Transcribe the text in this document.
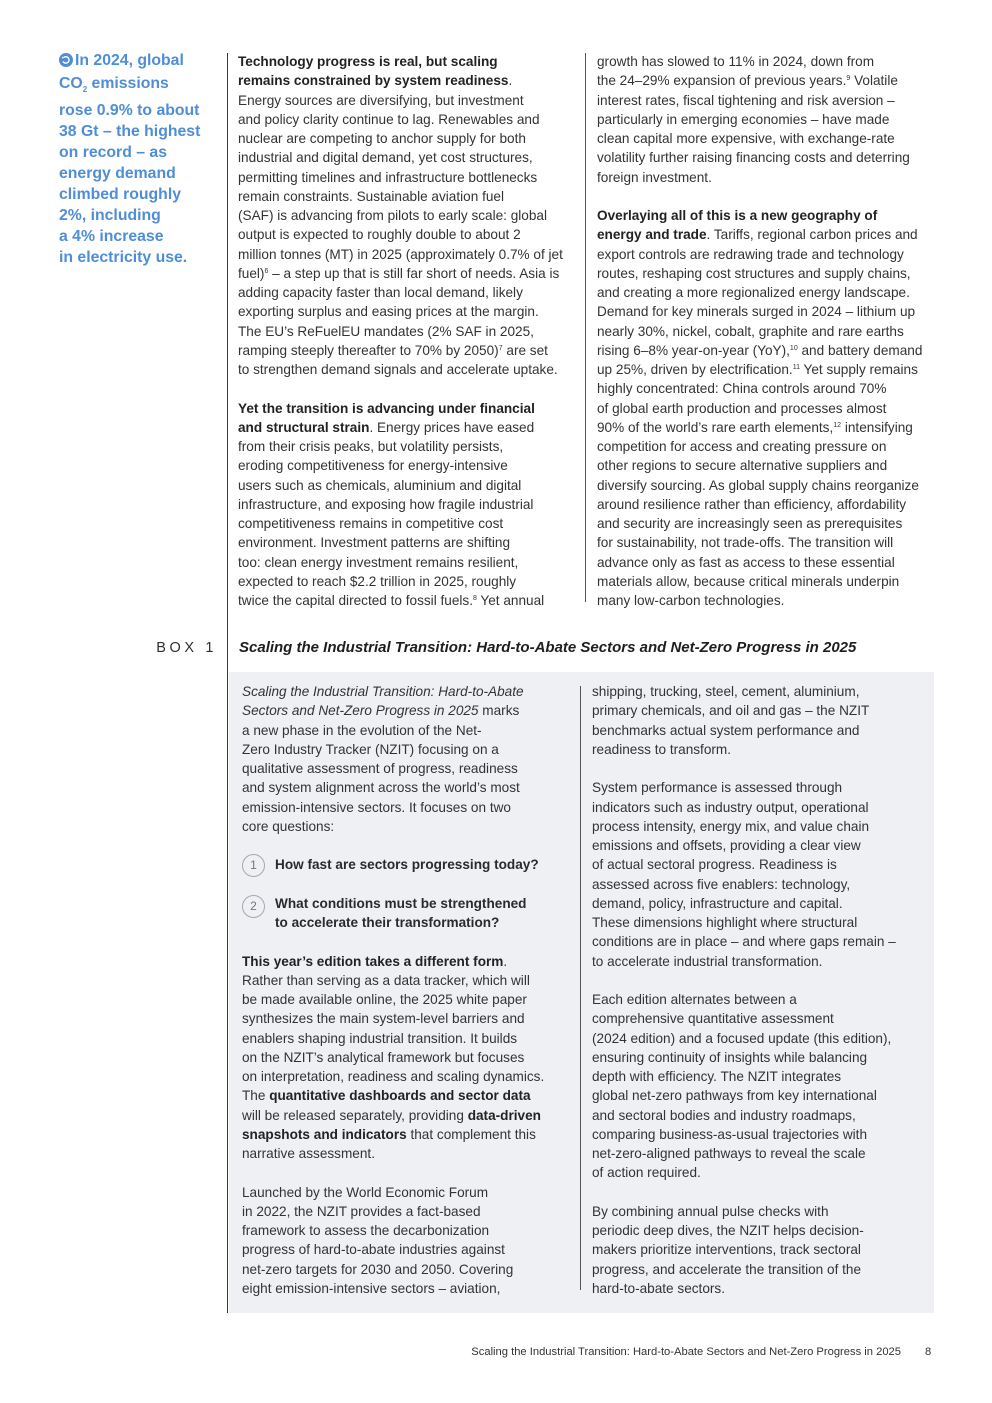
In 2024, global
$CO_2$ emissions
rose 0.9% to about
38 Gt – the highest
on record – as
energy demand
climbed roughly
2%, including
a 4% increase
in electricity use.

Technology progress is real, but scaling
remains constrained by system readiness.
Energy sources are diversifying, but investment
and policy clarity continue to lag. Renewables and
nuclear are competing to anchor supply for both
industrial and digital demand, yet cost structures,
permitting timelines and infrastructure bottlenecks
remain constraints. Sustainable aviation fuel
(SAF) is advancing from pilots to early scale: global
output is expected to roughly double to about 2
million tonnes (MT) in 2025 (approximately 0.7% of jet
fuel)$^6$ – a step up that is still far short of needs. Asia is
adding capacity faster than local demand, likely
exporting surplus and easing prices at the margin.
The EU’s ReFuelEU mandates (2% SAF in 2025,
ramping steeply thereafter to 70% by 2050)$^7$ are set
to strengthen demand signals and accelerate uptake.

Yet the transition is advancing under financial
and structural strain. Energy prices have eased
from their crisis peaks, but volatility persists,
eroding competitiveness for energy-intensive
users such as chemicals, aluminium and digital
infrastructure, and exposing how fragile industrial
competitiveness remains in competitive cost
environment. Investment patterns are shifting
too: clean energy investment remains resilient,
expected to reach $2.2 trillion in 2025, roughly
twice the capital directed to fossil fuels.$^8$ Yet annual

growth has slowed to 11% in 2024, down from
the 24–29% expansion of previous years.$^9$ Volatile
interest rates, fiscal tightening and risk aversion –
particularly in emerging economies – have made
clean capital more expensive, with exchange-rate
volatility further raising financing costs and deterring
foreign investment.

Overlaying all of this is a new geography of
energy and trade. Tariffs, regional carbon prices and
export controls are redrawing trade and technology
routes, reshaping cost structures and supply chains,
and creating a more regionalized energy landscape.
Demand for key minerals surged in 2024 – lithium up
nearly 30%, nickel, cobalt, graphite and rare earths
rising 6–8% year-on-year (YoY),$^{10}$ and battery demand
up 25%, driven by electrification.$^{11}$ Yet supply remains
highly concentrated: China controls around 70%
of global earth production and processes almost
90% of the world’s rare earth elements,$^{12}$ intensifying
competition for access and creating pressure on
other regions to secure alternative suppliers and
diversify sourcing. As global supply chains reorganize
around resilience rather than efficiency, affordability
and security are increasingly seen as prerequisites
for sustainability, not trade-offs. The transition will
advance only as fast as access to these essential
materials allow, because critical minerals underpin
many low-carbon technologies.

BOX 1 Scaling the Industrial Transition: Hard-to-Abate Sectors and Net-Zero Progress in 2025

Scaling the Industrial Transition: Hard-to-Abate
Sectors and Net-Zero Progress in 2025 marks
a new phase in the evolution of the Net-
Zero Industry Tracker (NZIT) focusing on a
qualitative assessment of progress, readiness
and system alignment across the world’s most
emission-intensive sectors. It focuses on two
core questions:

1	How fast are sectors progressing today?

2	What conditions must be strengthened
to accelerate their transformation?

This year’s edition takes a different form.
Rather than serving as a data tracker, which will
be made available online, the 2025 white paper
synthesizes the main system-level barriers and
enablers shaping industrial transition. It builds
on the NZIT’s analytical framework but focuses
on interpretation, readiness and scaling dynamics.
The quantitative dashboards and sector data
will be released separately, providing data-driven
snapshots and indicators that complement this
narrative assessment.

Launched by the World Economic Forum
in 2022, the NZIT provides a fact-based
framework to assess the decarbonization
progress of hard-to-abate industries against
net-zero targets for 2030 and 2050. Covering
eight emission-intensive sectors – aviation,

shipping, trucking, steel, cement, aluminium,
primary chemicals, and oil and gas – the NZIT
benchmarks actual system performance and
readiness to transform.

System performance is assessed through
indicators such as industry output, operational
process intensity, energy mix, and value chain
emissions and offsets, providing a clear view
of actual sectoral progress. Readiness is
assessed across five enablers: technology,
demand, policy, infrastructure and capital.
These dimensions highlight where structural
conditions are in place – and where gaps remain –
to accelerate industrial transformation.

Each edition alternates between a
comprehensive quantitative assessment
(2024 edition) and a focused update (this edition),
ensuring continuity of insights while balancing
depth with efficiency. The NZIT integrates
global net-zero pathways from key international
and sectoral bodies and industry roadmaps,
comparing business-as-usual trajectories with
net-zero-aligned pathways to reveal the scale
of action required.

By combining annual pulse checks with
periodic deep dives, the NZIT helps decision-
makers prioritize interventions, track sectoral
progress, and accelerate the transition of the
hard-to-abate sectors.

Scaling the Industrial Transition: Hard-to-Abate Sectors and Net-Zero Progress in 2025 8
